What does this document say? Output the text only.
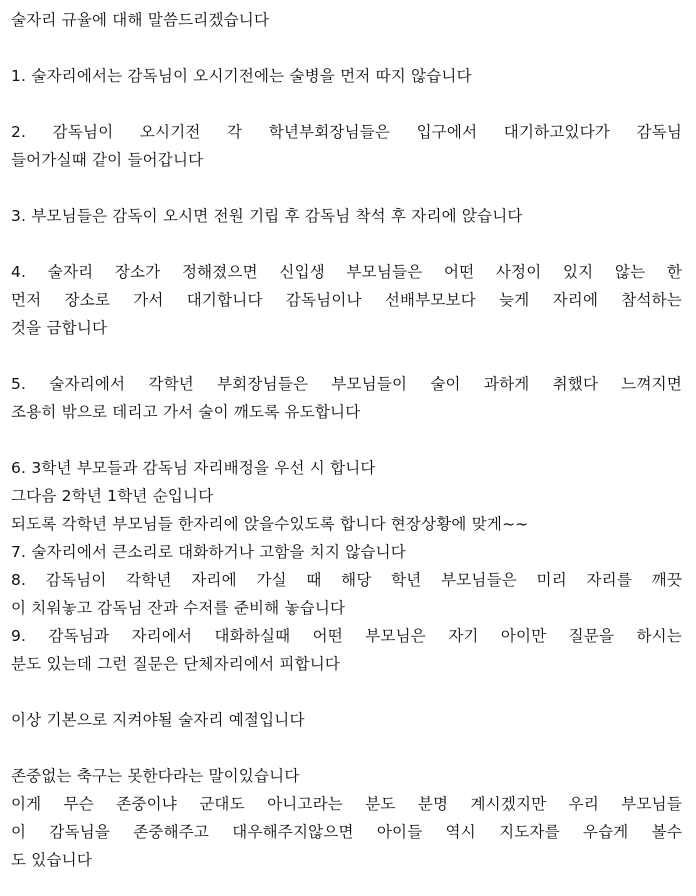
술자리 규율에 대해 말씀드리겠습니다
1. 술자리에서는 감독님이 오시기전에는 술병을 먼저 따지 않습니다
2. 감독님이 오시기전 각 학년부회장님들은 입구에서 대기하고있다가 감독님
들어가실때 같이 들어갑니다
3. 부모님들은 감독이 오시면 전원 기립 후 감독님 착석 후 자리에 앉습니다
4. 술자리 장소가 정해졌으면 신입생 부모님들은 어떤 사정이 있지 않는 한
먼저 장소로 가서 대기합니다 감독님이나 선배부모보다 늦게 자리에 참석하는
것을 금합니다
5. 술자리에서 각학년 부회장님들은 부모님들이 술이 과하게 취했다 느껴지면
조용히 밖으로 데리고 가서 술이 깨도록 유도합니다
6. 3학년 부모들과 감독님 자리배정을 우선 시 합니다
그다음 2학년 1학년 순입니다
되도록 각학년 부모님들 한자리에 앉을수있도록 합니다 현장상황에 맞게~~
7. 술자리에서 큰소리로 대화하거나 고함을 치지 않습니다
8. 감독님이 각학년 자리에 가실 때 해당 학년 부모님들은 미리 자리를 깨끗
이 치워놓고 감독님 잔과 수저를 준비해 놓습니다
9. 감독님과 자리에서 대화하실때 어떤 부모님은 자기 아이만 질문을 하시는
분도 있는데 그런 질문은 단체자리에서 피합니다
이상 기본으로 지켜야될 술자리 예절입니다
존중없는 축구는 못한다라는 말이있습니다
이게 무슨 존중이냐 군대도 아니고라는 분도 분명 계시겠지만 우리 부모님들
이 감독님을 존중해주고 대우해주지않으면 아이들 역시 지도자를 우습게 볼수
도 있습니다
